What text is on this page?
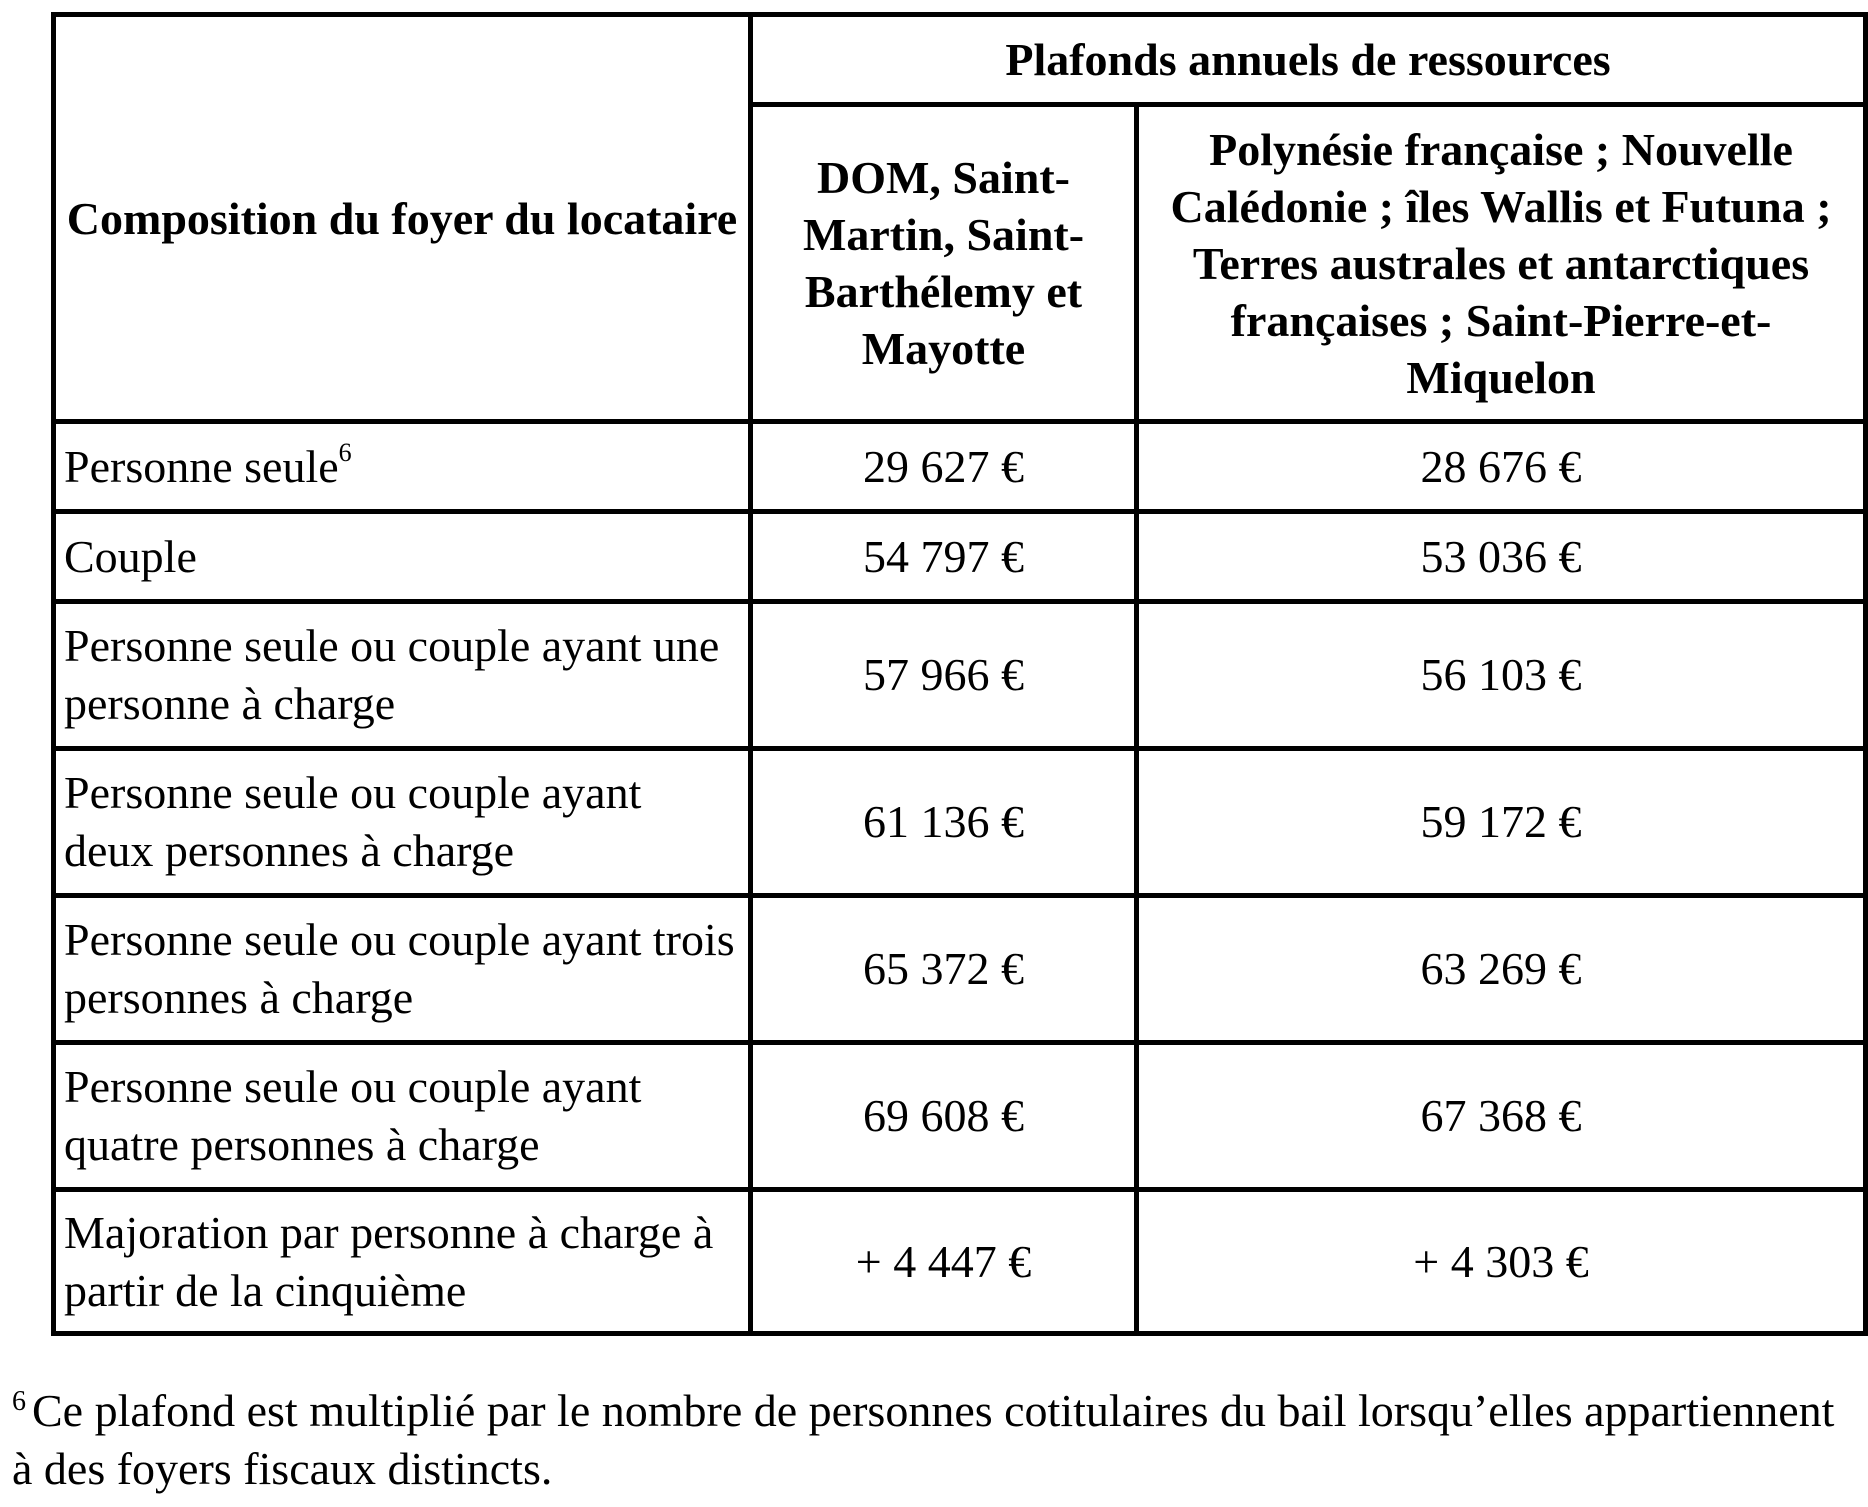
Composition du foyer du locataire	Plafonds annuels de ressources	
	DOM, Saint-Martin, Saint-Barthélemy et Mayotte	Polynésie française ; Nouvelle Calédonie ; îles Wallis et Futuna ; Terres australes et antarctiques françaises ; Saint-Pierre-et-Miquelon
Personne seule$^6$	29 627 €	28 676 €
Couple	54 797 €	53 036 €
Personne seule ou couple ayant une personne à charge	57 966 €	56 103 €
Personne seule ou couple ayant deux personnes à charge	61 136 €	59 172 €
Personne seule ou couple ayant trois personnes à charge	65 372 €	63 269 €
Personne seule ou couple ayant quatre personnes à charge	69 608 €	67 368 €
Majoration par personne à charge à partir de la cinquième	+ 4 447 €	+ 4 303 €
$^6$ Ce plafond est multiplié par le nombre de personnes cotitulaires du bail lorsqu’elles appartiennent à des foyers fiscaux distincts.
